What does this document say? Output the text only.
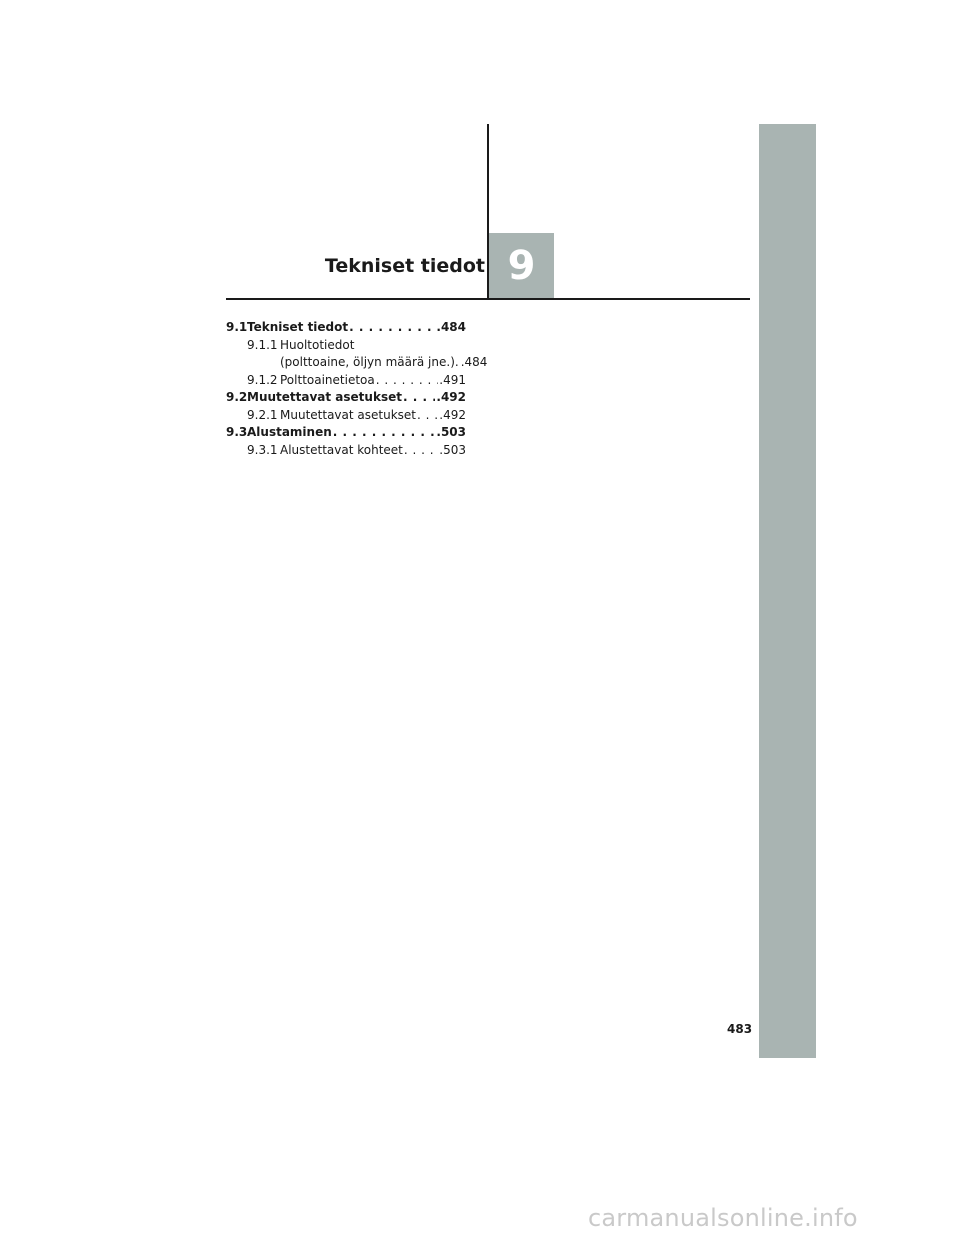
Tekniset tiedot 9
9.1 Tekniset tiedot . . .	.484
9.1.1 Huoltotiedot
(polttoaine, öljyn määrä jne.). .484
9.1.2 Polttoainetietoa . . .	.491
9.2 Muutettavat asetukset . . .	.492
9.2.1 Muutettavat asetukset . . . .492
9.3 Alustaminen . . .	.503
9.3.1 Alustettavat kohteet . . .	.503
483
carmanualsonline.info
